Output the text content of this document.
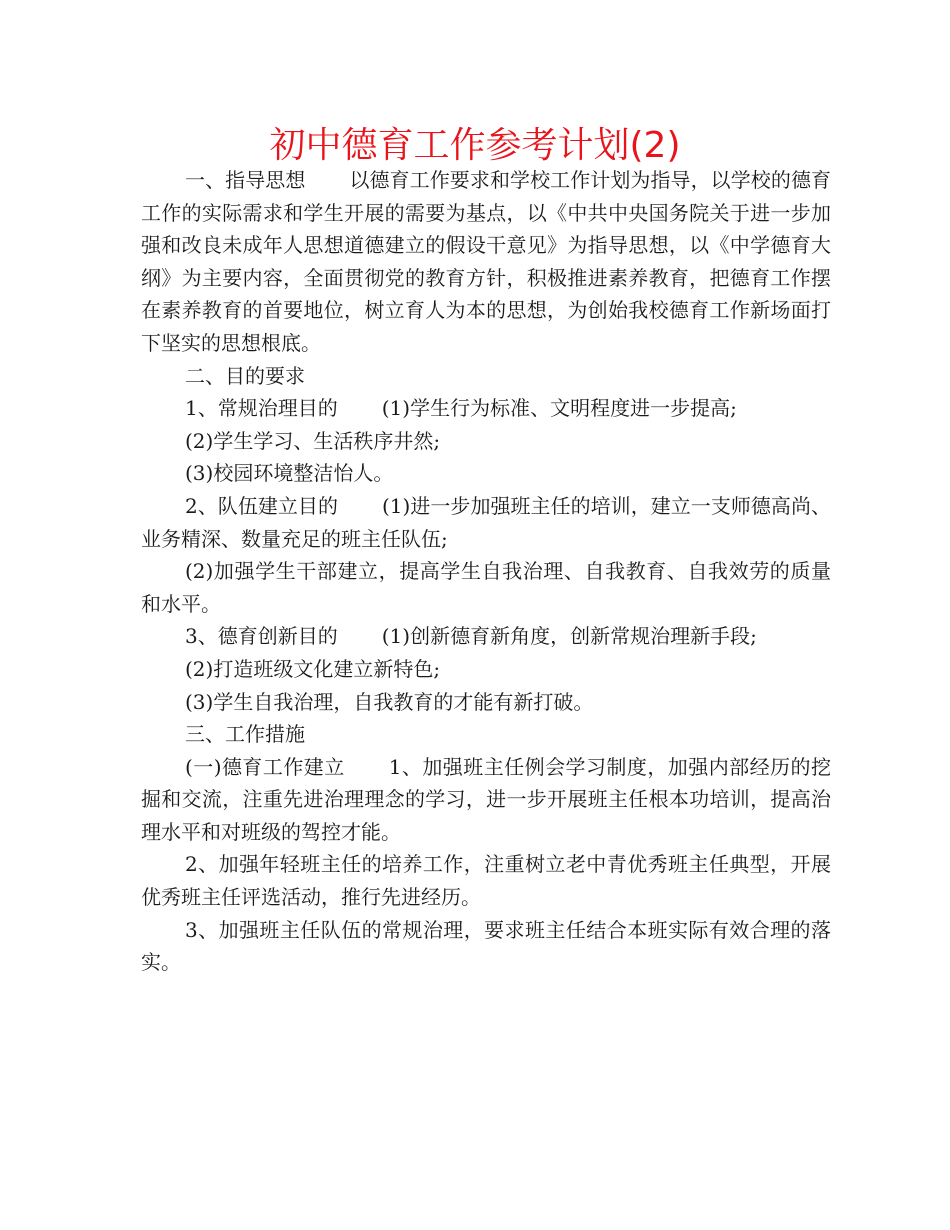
初中德育工作参考计划(2)

一、指导思想 以德育工作要求和学校工作计划为指导，以学校的德育工作的实际需求和学生开展的需要为基点，以《中共中央国务院关于进一步加强和改良未成年人思想道德建立的假设干意见》为指导思想，以《中学德育大纲》为主要内容，全面贯彻党的教育方针，积极推进素养教育，把德育工作摆在素养教育的首要地位，树立育人为本的思想，为创始我校德育工作新场面打下坚实的思想根底。

二、目的要求

1、常规治理目的 (1)学生行为标准、文明程度进一步提高;

(2)学生学习、生活秩序井然;

(3)校园环境整洁怡人。

2、队伍建立目的 (1)进一步加强班主任的培训，建立一支师德高尚、业务精深、数量充足的班主任队伍;

(2)加强学生干部建立，提高学生自我治理、自我教育、自我效劳的质量和水平。

3、德育创新目的 (1)创新德育新角度，创新常规治理新手段;

(2)打造班级文化建立新特色;

(3)学生自我治理，自我教育的才能有新打破。

三、工作措施

(一)德育工作建立 1、加强班主任例会学习制度，加强内部经历的挖掘和交流，注重先进治理理念的学习，进一步开展班主任根本功培训，提高治理水平和对班级的驾控才能。

2、加强年轻班主任的培养工作，注重树立老中青优秀班主任典型，开展优秀班主任评选活动，推行先进经历。

3、加强班主任队伍的常规治理，要求班主任结合本班实际有效合理的落实。
